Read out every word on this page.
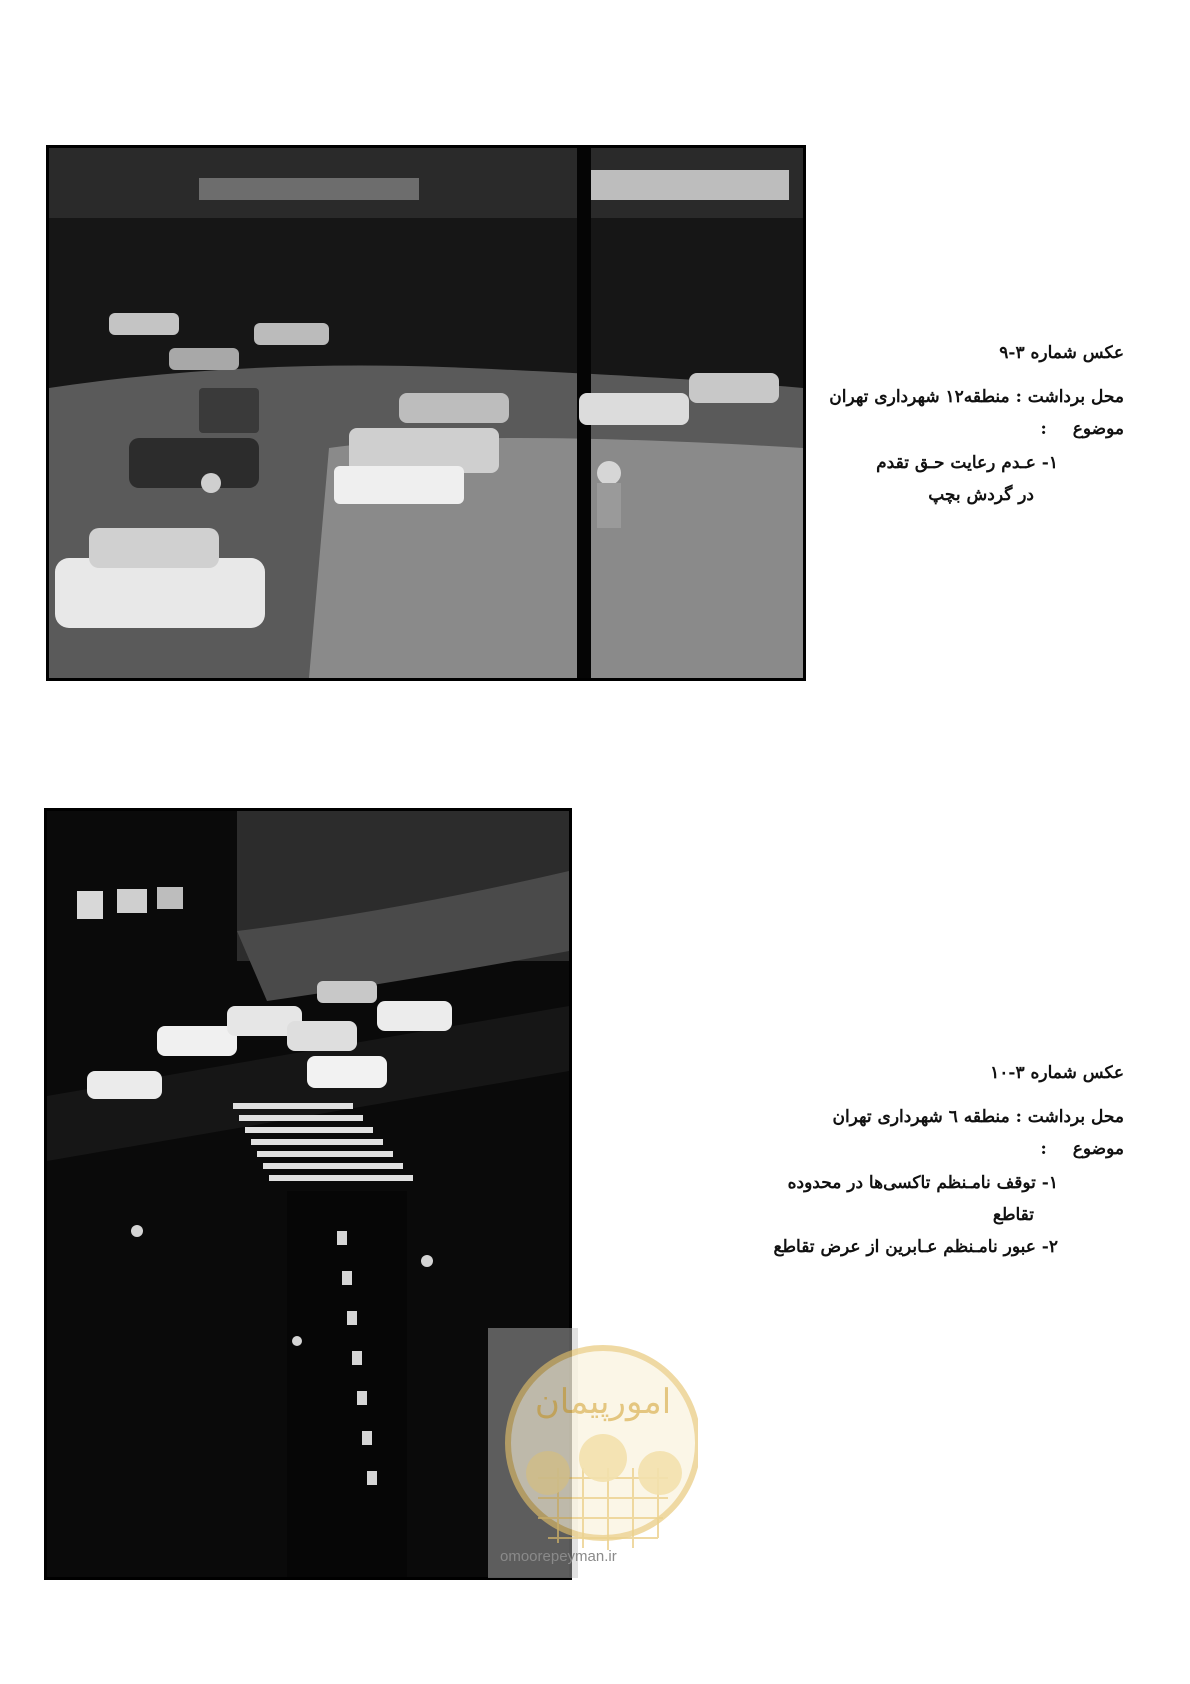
عکس شماره ۳-۹
محل برداشت : منطقه۱۲ شهرداری تهران
موضوع:
۱- عـدم رعایت حـق تقدم
در گردش بچپ
عکس شماره ۳-۱۰
محل برداشت : منطقه ٦ شهرداری تهران
موضوع:
۱- توقف نامـنظم تاکسی‌ها در محدوده
تقاطع
۲- عبور نامـنظم عـابرین از عرض تقاطع
امورپیمان
omoorepeyman.ir
